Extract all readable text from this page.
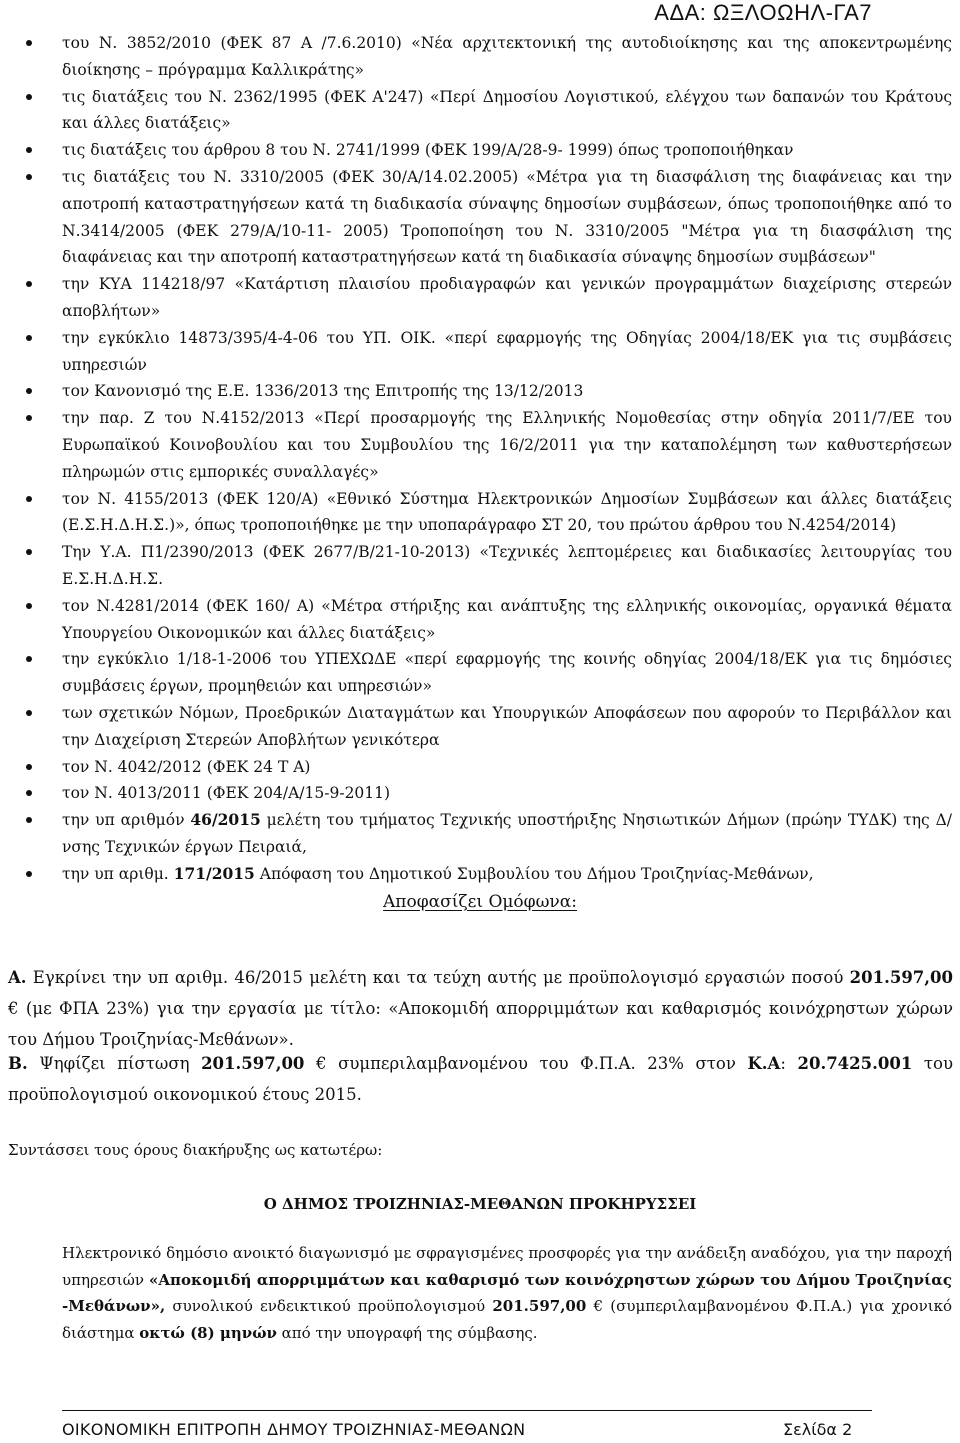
ΑΔΑ: ΩΞΛΟΩΗΛ-ΓΑ7
του Ν. 3852/2010 (ΦΕΚ 87 Α /7.6.2010) «Νέα αρχιτεκτονική της αυτοδιοίκησης και της αποκεντρωμένης διοίκησης – πρόγραμμα Καλλικράτης»
τις διατάξεις του Ν. 2362/1995 (ΦΕΚ Α'247) «Περί Δημοσίου Λογιστικού, ελέγχου των δαπανών του Κράτους και άλλες διατάξεις»
τις διατάξεις του άρθρου 8 του Ν. 2741/1999 (ΦΕΚ 199/Α/28-9- 1999) όπως τροποποιήθηκαν
τις διατάξεις του Ν. 3310/2005 (ΦΕΚ 30/Α/14.02.2005) «Μέτρα για τη διασφάλιση της διαφάνειας και την αποτροπή καταστρατηγήσεων κατά τη διαδικασία σύναψης δημοσίων συμβάσεων, όπως τροποποιήθηκε από το Ν.3414/2005 (ΦΕΚ 279/Α/10-11- 2005) Τροποποίηση του Ν. 3310/2005 "Μέτρα για τη διασφάλιση της διαφάνειας και την αποτροπή καταστρατηγήσεων κατά τη διαδικασία σύναψης δημοσίων συμβάσεων"
την ΚΥΑ 114218/97 «Κατάρτιση πλαισίου προδιαγραφών και γενικών προγραμμάτων διαχείρισης στερεών αποβλήτων»
την εγκύκλιο 14873/395/4-4-06 του ΥΠ. ΟΙΚ. «περί εφαρμογής της Οδηγίας 2004/18/ΕΚ για τις συμβάσεις υπηρεσιών
τον Κανονισμό της Ε.Ε. 1336/2013 της Επιτροπής της 13/12/2013
την παρ. Ζ του Ν.4152/2013 «Περί προσαρμογής της Ελληνικής Νομοθεσίας στην οδηγία 2011/7/ΕΕ του Ευρωπαϊκού Κοινοβουλίου και του Συμβουλίου της 16/2/2011 για την καταπολέμηση των καθυστερήσεων πληρωμών στις εμπορικές συναλλαγές»
τον Ν. 4155/2013 (ΦΕΚ 120/Α) «Εθνικό Σύστημα Ηλεκτρονικών Δημοσίων Συμβάσεων και άλλες διατάξεις (Ε.Σ.Η.Δ.Η.Σ.)», όπως τροποποιήθηκε με την υποπαράγραφο ΣΤ 20, του πρώτου άρθρου του Ν.4254/2014)
Την Υ.Α. Π1/2390/2013 (ΦΕΚ 2677/Β/21-10-2013) «Τεχνικές λεπτομέρειες και διαδικασίες λειτουργίας του Ε.Σ.Η.Δ.Η.Σ.
τον Ν.4281/2014 (ΦΕΚ 160/ Α) «Μέτρα στήριξης και ανάπτυξης της ελληνικής οικονομίας, οργανικά θέματα Υπουργείου Οικονομικών και άλλες διατάξεις»
την εγκύκλιο 1/18-1-2006 του ΥΠΕΧΩΔΕ «περί εφαρμογής της κοινής οδηγίας 2004/18/ΕΚ για τις δημόσιες συμβάσεις έργων, προμηθειών και υπηρεσιών»
των σχετικών Νόμων, Προεδρικών Διαταγμάτων και Υπουργικών Αποφάσεων που αφορούν το Περιβάλλον και την Διαχείριση Στερεών Αποβλήτων γενικότερα
τον Ν. 4042/2012 (ΦΕΚ 24 Τ Α)
τον Ν. 4013/2011 (ΦΕΚ 204/Α/15-9-2011)
την υπ αριθμόν 46/2015 μελέτη του τμήματος Τεχνικής υποστήριξης Νησιωτικών Δήμων (πρώην ΤΥΔΚ) της Δ/νσης Τεχνικών έργων Πειραιά,
την υπ αριθμ. 171/2015 Απόφαση του Δημοτικού Συμβουλίου του Δήμου Τροιζηνίας-Μεθάνων,
Αποφασίζει Ομόφωνα:
Α. Εγκρίνει την υπ αριθμ. 46/2015 μελέτη και τα τεύχη αυτής με προϋπολογισμό εργασιών ποσού 201.597,00 € (με ΦΠΑ 23%) για την εργασία με τίτλο: «Αποκομιδή απορριμμάτων και καθαρισμός κοινόχρηστων χώρων του Δήμου Τροιζηνίας-Μεθάνων».
Β. Ψηφίζει πίστωση 201.597,00 € συμπεριλαμβανομένου του Φ.Π.Α. 23% στον Κ.Α: 20.7425.001 του προϋπολογισμού οικονομικού έτους 2015.
Συντάσσει τους όρους διακήρυξης ως κατωτέρω:
Ο ΔΗΜΟΣ ΤΡΟΙΖΗΝΙΑΣ-ΜΕΘΑΝΩΝ ΠΡΟΚΗΡΥΣΣΕΙ
Ηλεκτρονικό δημόσιο ανοικτό διαγωνισμό με σφραγισμένες προσφορές για την ανάδειξη αναδόχου, για την παροχή υπηρεσιών «Αποκομιδή απορριμμάτων και καθαρισμό των κοινόχρηστων χώρων του Δήμου Τροιζηνίας -Μεθάνων», συνολικού ενδεικτικού προϋπολογισμού 201.597,00 € (συμπεριλαμβανομένου Φ.Π.Α.) για χρονικό διάστημα οκτώ (8) μηνών από την υπογραφή της σύμβασης.
ΟΙΚΟΝΟΜΙΚΗ ΕΠΙΤΡΟΠΗ ΔΗΜΟΥ ΤΡΟΙΖΗΝΙΑΣ-ΜΕΘΑΝΩΝ	Σελίδα 2
